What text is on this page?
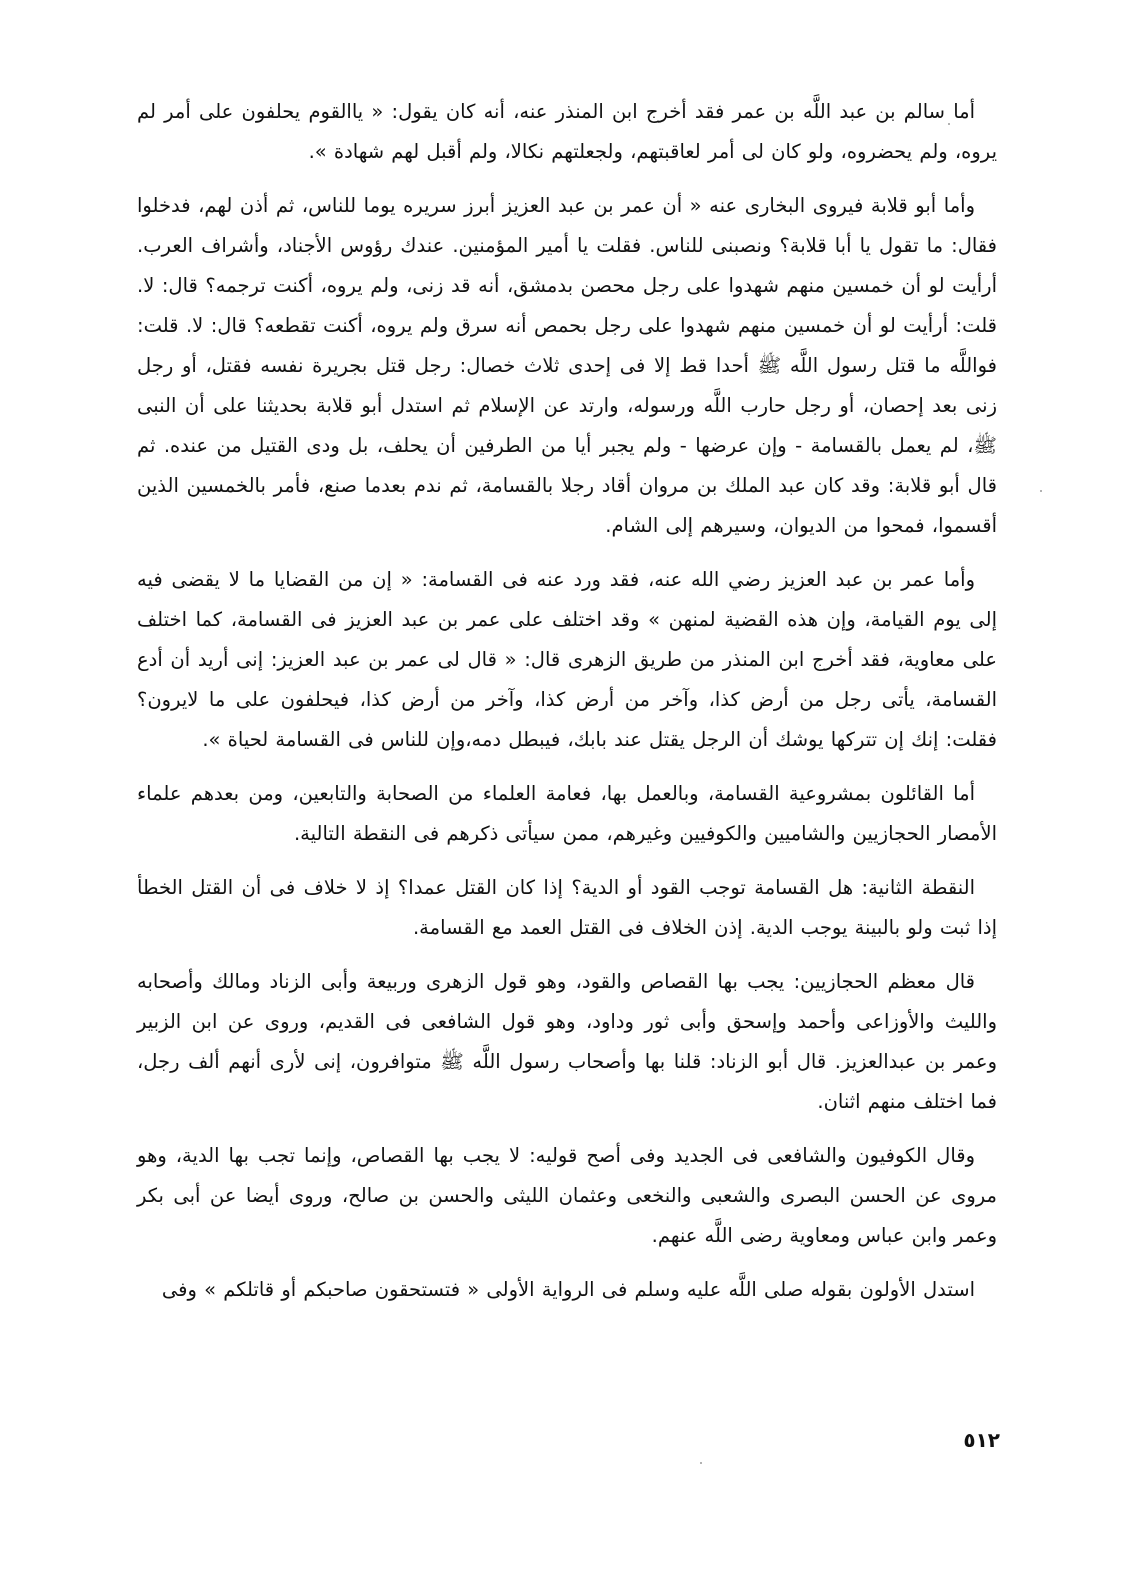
أما سالم بن عبد اللَّه بن عمر فقد أخرج ابن المنذر عنه، أنه كان يقول: « ياالقوم يحلفون على أمر لم يروه، ولم يحضروه، ولو كان لى أمر لعاقبتهم، ولجعلتهم نكالا، ولم أقبل لهم شهادة ».

وأما أبو قلابة فيروى البخارى عنه « أن عمر بن عبد العزيز أبرز سريره يوما للناس، ثم أذن لهم، فدخلوا فقال: ما تقول يا أبا قلابة؟ ونصبنى للناس. فقلت يا أمير المؤمنين. عندك رؤوس الأجناد، وأشراف العرب. أرأيت لو أن خمسين منهم شهدوا على رجل محصن بدمشق، أنه قد زنى، ولم يروه، أكنت ترجمه؟ قال: لا. قلت: أرأيت لو أن خمسين منهم شهدوا على رجل بحمص أنه سرق ولم يروه، أكنت تقطعه؟ قال: لا. قلت: فواللَّه ما قتل رسول اللَّه ﷺ أحدا قط إلا فى إحدى ثلاث خصال: رجل قتل بجريرة نفسه فقتل، أو رجل زنى بعد إحصان، أو رجل حارب اللَّه ورسوله، وارتد عن الإسلام ثم استدل أبو قلابة بحديثنا على أن النبى ﷺ، لم يعمل بالقسامة - وإن عرضها - ولم يجبر أيا من الطرفين أن يحلف، بل ودى القتيل من عنده. ثم قال أبو قلابة: وقد كان عبد الملك بن مروان أقاد رجلا بالقسامة، ثم ندم بعدما صنع، فأمر بالخمسين الذين أقسموا، فمحوا من الديوان، وسيرهم إلى الشام.

وأما عمر بن عبد العزيز رضي الله عنه، فقد ورد عنه فى القسامة: « إن من القضايا ما لا يقضى فيه إلى يوم القيامة، وإن هذه القضية لمنهن » وقد اختلف على عمر بن عبد العزيز فى القسامة، كما اختلف على معاوية، فقد أخرج ابن المنذر من طريق الزهرى قال: « قال لى عمر بن عبد العزيز: إنى أريد أن أدع القسامة، يأتى رجل من أرض كذا، وآخر من أرض كذا، وآخر من أرض كذا، فيحلفون على ما لايرون؟ فقلت: إنك إن تتركها يوشك أن الرجل يقتل عند بابك، فيبطل دمه،وإن للناس فى القسامة لحياة ».

أما القائلون بمشروعية القسامة، وبالعمل بها، فعامة العلماء من الصحابة والتابعين، ومن بعدهم علماء الأمصار الحجازيين والشاميين والكوفيين وغيرهم، ممن سيأتى ذكرهم فى النقطة التالية.

النقطة الثانية: هل القسامة توجب القود أو الدية؟ إذا كان القتل عمدا؟ إذ لا خلاف فى أن القتل الخطأ إذا ثبت ولو بالبينة يوجب الدية. إذن الخلاف فى القتل العمد مع القسامة.

قال معظم الحجازيين: يجب بها القصاص والقود، وهو قول الزهرى وربيعة وأبى الزناد ومالك وأصحابه والليث والأوزاعى وأحمد وإسحق وأبى ثور وداود، وهو قول الشافعى فى القديم، وروى عن ابن الزبير وعمر بن عبدالعزيز. قال أبو الزناد: قلنا بها وأصحاب رسول اللَّه ﷺ متوافرون، إنى لأرى أنهم ألف رجل، فما اختلف منهم اثنان.

وقال الكوفيون والشافعى فى الجديد وفى أصح قوليه: لا يجب بها القصاص، وإنما تجب بها الدية، وهو مروى عن الحسن البصرى والشعبى والنخعى وعثمان الليثى والحسن بن صالح، وروى أيضا عن أبى بكر وعمر وابن عباس ومعاوية رضى اللَّه عنهم.

استدل الأولون بقوله صلى اللَّه عليه وسلم فى الرواية الأولى « فتستحقون صاحبكم أو قاتلكم » وفى

٥١٢
